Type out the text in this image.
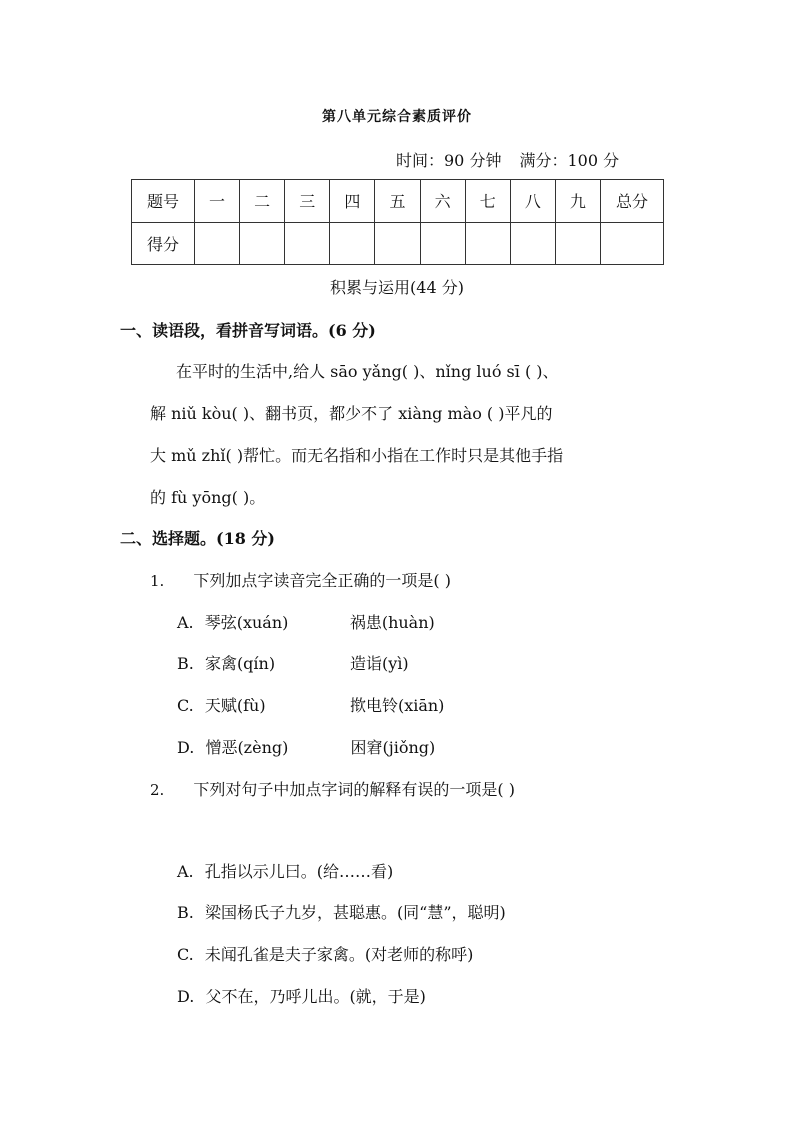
第八单元综合素质评价
时间：90 分钟 满分：100 分
题号	一	二	三	四	五	六	七	八	九	总分
得分										
积累与运用(44 分)
一、读语段，看拼音写词语。(6 分)
在平时的生活中,给人 sāo yǎng( )、nǐng luó sī ( )、
解 niǔ kòu( )、翻书页，都少不了 xiàng mào ( )平凡的
大 mǔ zhǐ( )帮忙。而无名指和小指在工作时只是其他手指
的 fù yōng( )。
二、选择题。(18 分)
1. 下列加点字读音完全正确的一项是( )
A. 琴弦(xuán)	祸患(huàn)
B. 家禽(qín)	造诣(yì)
C. 天赋(fù)	揿电铃(xiān)
D. 憎恶(zèng)	困窘(jiǒng)
2. 下列对句子中加点字词的解释有误的一项是( )
A. 孔指以示儿曰。(给……看)
B. 梁国杨氏子九岁，甚聪惠。(同“慧”，聪明)
C. 未闻孔雀是夫子家禽。(对老师的称呼)
D. 父不在，乃呼儿出。(就，于是)
